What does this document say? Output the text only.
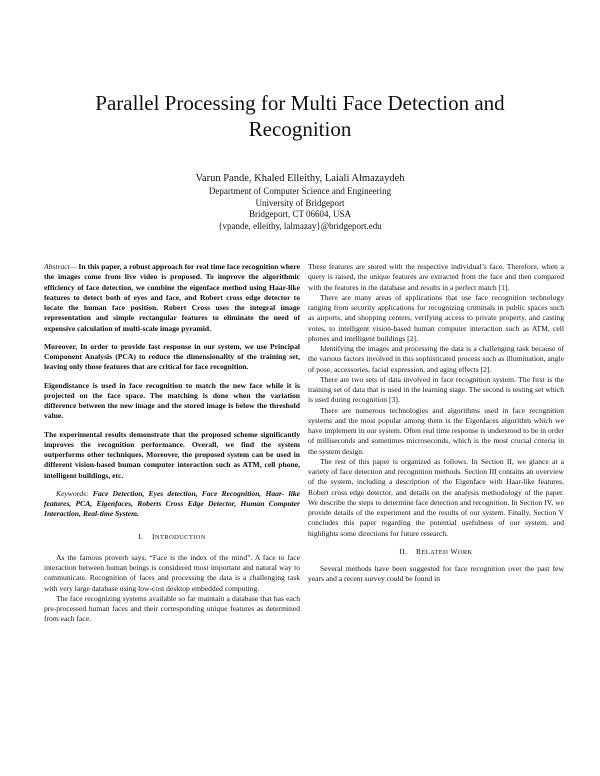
Parallel Processing for Multi Face Detection and
Recognition
Varun Pande, Khaled Elleithy, Laiali Almazaydeh
Department of Computer Science and Engineering
University of Bridgeport
Bridgeport, CT 06604, USA
{vpande, elleithy, lalmazay}@bridgeport.edu

Abstract— In this paper, a robust approach for real time face recognition where the images come from live video is proposed. To improve the algorithmic efficiency of face detection, we combine the eigenface method using Haar-like features to detect both of eyes and face, and Robert cross edge detector to locate the human face position. Robert Cross uses the integral image representation and simple rectangular features to eliminate the need of expensive calculation of multi-scale image pyramid.

Moreover, In order to provide fast response in our system, we use Principal Component Analysis (PCA) to reduce the dimensionality of the training set, leaving only those features that are critical for face recognition.

Eigendistance is used in face recognition to match the new face while it is projected on the face space. The matching is done when the variation difference between the new image and the stored image is below the threshold value.

The experimental results demonstrate that the proposed scheme significantly improves the recognition performance. Overall, we find the system outperforms other techniques. Moreover, the proposed system can be used in different vision-based human computer interaction such as ATM, cell phone, intelligent buildings, etc.

Keywords: Face Detection, Eyes detection, Face Recognition, Haar- like features, PCA, Eigenfaces, Roberts Cross Edge Detector, Human Computer Interaction, Real-time System.

I. INTRODUCTION

As the famous proverb says, “Face is the index of the mind”. A face to face interaction between human beings is considered most important and natural way to communicate. Recognition of faces and processing the data is a challenging task with very large database using low-cost desktop embedded computing.

The face recognizing systems available so far maintain a database that has each pre-processed human faces and their corresponding unique features as determined from each face.

These features are stored with the respective individual’s face. Therefore, when a query is raised, the unique features are extracted from the face and then compared with the features in the database and results in a perfect match [1].

There are many areas of applications that use face recognition technology ranging from security applications for recognizing criminals in public spaces such as airports, and shopping centers, verifying access to private property, and casting votes, to intelligent vision-based human computer interaction such as ATM, cell phones and intelligent buildings [2].

Identifying the images and processing the data is a challenging task because of the various factors involved in this sophisticated process such as illumination, angle of pose, accessories, facial expression, and aging effects [2].

There are two sets of data involved in face recognition system. The first is the training set of data that is used in the learning stage. The second is testing set which is used during recognition [3].

There are numerous technologies and algorithms used in face recognition systems and the most popular among them is the Eigenfaces algorithm which we have implement in our system. Often real time response is understood to be in order of milliseconds and sometimes microseconds, which is the most crucial criteria in the system design.

The rest of this paper is organized as follows. In Section II, we glance at a variety of face detection and recognition methods. Section III contains an overview of the system, including a description of the Eigenface with Haar-like features, Robert cross edge detector, and details on the analysis methodology of the paper. We describe the steps to determine face detection and recognition. In Section IV, we provide details of the experiment and the results of our system. Finally, Section V concludes this paper regarding the potential usefulness of our system, and highlights some directions for future research.

II. RELATED WORK

Several methods have been suggested for face recognition over the past few years and a recent survey could be found in
